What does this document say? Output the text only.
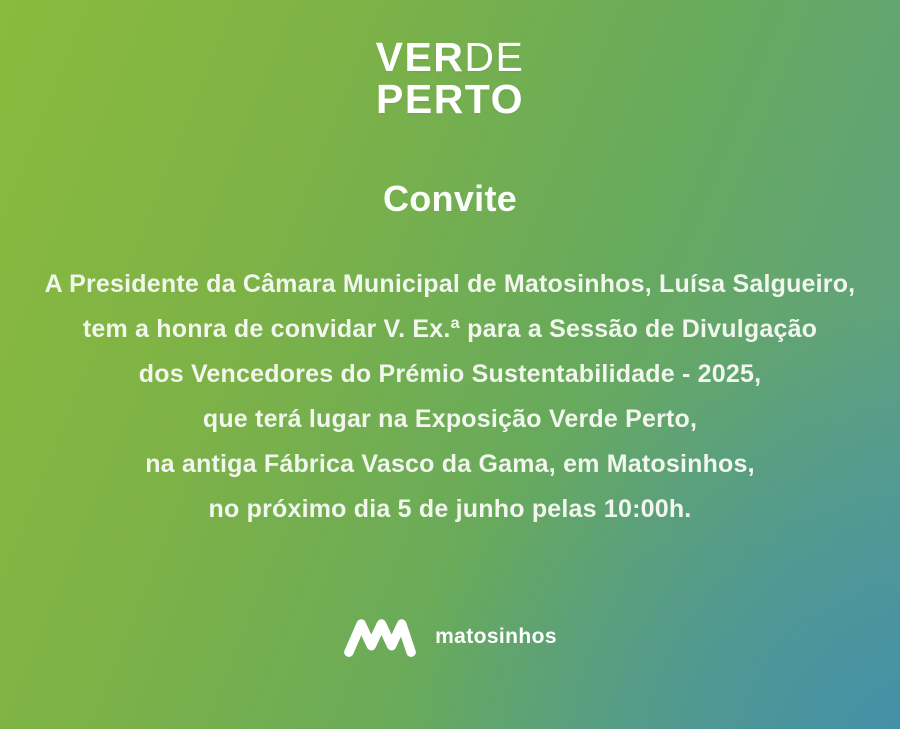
VERDE
PERTO
Convite

A Presidente da Câmara Municipal de Matosinhos, Luísa Salgueiro,

tem a honra de convidar V. Ex.ª para a Sessão de Divulgação

dos Vencedores do Prémio Sustentabilidade - 2025,

que terá lugar na Exposição Verde Perto,

na antiga Fábrica Vasco da Gama, em Matosinhos,

no próximo dia 5 de junho pelas 10:00h.

matosinhos
